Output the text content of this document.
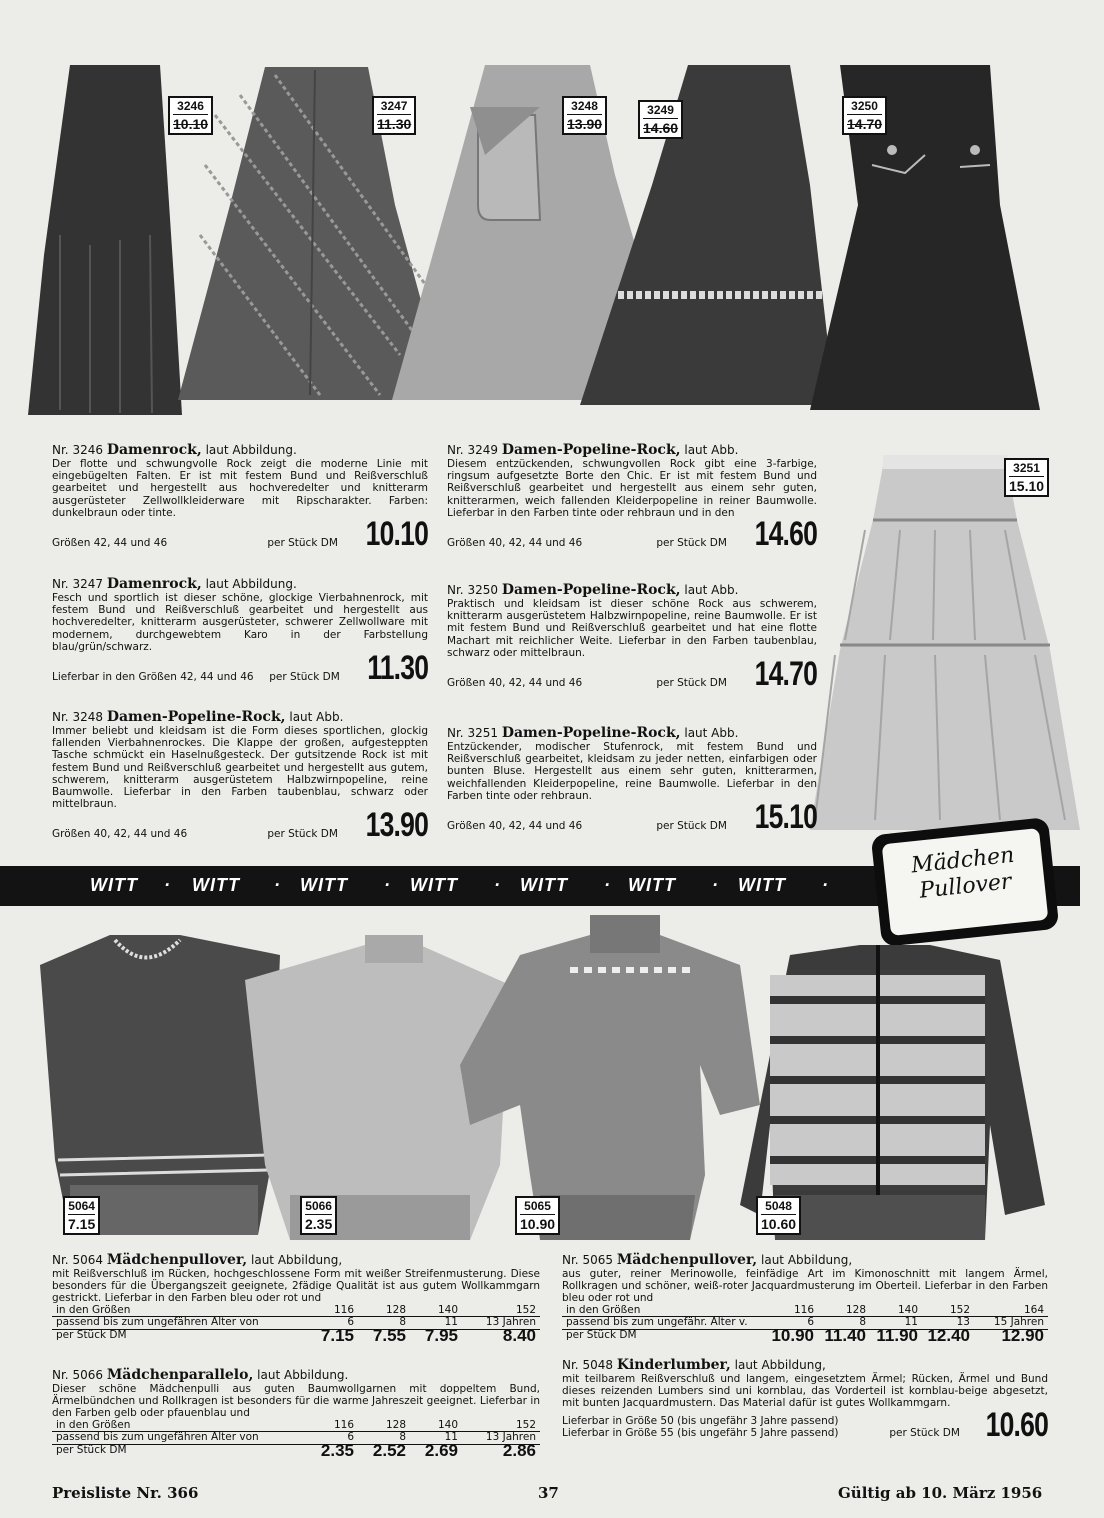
3246
10.10
3247
11.30
3248
13.90
3249
14.60
3250
14.70
3251
15.10
Nr. 3246 Damenrock, laut Abbildung.
Der flotte und schwungvolle Rock zeigt die moderne Linie mit eingebügelten Falten. Er ist mit festem Bund und Reißverschluß gearbeitet und hergestellt aus hochveredelter und knitterarm ausgerüsteter Zellwollkleiderware mit Ripscharakter. Farben: dunkelbraun oder tinte.
Größen 42, 44 und 46	per Stück DM 10.10
Nr. 3247 Damenrock, laut Abbildung.
Fesch und sportlich ist dieser schöne, glockige Vierbahnenrock, mit festem Bund und Reißverschluß gearbeitet und hergestellt aus hochveredelter, knitterarm ausgerüsteter, schwerer Zellwollware mit modernem, durchgewebtem Karo in der Farbstellung blau/grün/schwarz.
Lieferbar in den Größen 42, 44 und 46 per Stück DM 11.30
Nr. 3248 Damen-Popeline-Rock, laut Abb.
Immer beliebt und kleidsam ist die Form dieses sportlichen, glockig fallenden Vierbahnenrockes. Die Klappe der großen, aufgesteppten Tasche schmückt ein Haselnußgesteck. Der gutsitzende Rock ist mit festem Bund und Reißverschluß gearbeitet und hergestellt aus gutem, schwerem, knitterarm ausgerüstetem Halbzwirnpopeline, reine Baumwolle. Lieferbar in den Farben taubenblau, schwarz oder mittelbraun.
Größen 40, 42, 44 und 46	per Stück DM 13.90
Nr. 3249 Damen-Popeline-Rock, laut Abb.
Diesem entzückenden, schwungvollen Rock gibt eine 3-farbige, ringsum aufgesetzte Borte den Chic. Er ist mit festem Bund und Reißverschluß gearbeitet und hergestellt aus einem sehr guten, knitterarmen, weich fallenden Kleiderpopeline in reiner Baumwolle. Lieferbar in den Farben tinte oder rehbraun und in den
Größen 40, 42, 44 und 46	per Stück DM 14.60
Nr. 3250 Damen-Popeline-Rock, laut Abb.
Praktisch und kleidsam ist dieser schöne Rock aus schwerem, knitterarm ausgerüstetem Halbzwirnpopeline, reine Baumwolle. Er ist mit festem Bund und Reißverschluß gearbeitet und hat eine flotte Machart mit reichlicher Weite. Lieferbar in den Farben taubenblau, schwarz oder mittelbraun.
Größen 40, 42, 44 und 46	per Stück DM 14.70
Nr. 3251 Damen-Popeline-Rock, laut Abb.
Entzückender, modischer Stufenrock, mit festem Bund und Reißverschluß gearbeitet, kleidsam zu jeder netten, einfarbigen oder bunten Bluse. Hergestellt aus einem sehr guten, knitterarmen, weichfallenden Kleiderpopeline, reine Baumwolle. Lieferbar in den Farben tinte oder rehbraun.
Größen 40, 42, 44 und 46	per Stück DM 15.10
WITT · WITT · WITT · WITT · WITT · WITT · WITT ·
Mädchen
Pullover
5064
7.15
5066
2.35
5065
10.90
5048
10.60
Nr. 5064 Mädchenpullover, laut Abbildung,
mit Reißverschluß im Rücken, hochgeschlossene Form mit weißer Streifenmusterung. Diese besonders für die Übergangszeit geeignete, 2fädige Qualität ist aus gutem Wollkammgarn gestrickt. Lieferbar in den Farben bleu oder rot und
in den Größen	116	128	140	152
passend bis zum ungefähren Alter von	6	8	11	13 Jahren
per Stück DM	7.15	7.55	7.95	8.40
Nr. 5066 Mädchenparallelo, laut Abbildung.
Dieser schöne Mädchenpulli aus guten Baumwollgarnen mit doppeltem Bund, Ärmelbündchen und Rollkragen ist besonders für die warme Jahreszeit geeignet. Lieferbar in den Farben gelb oder pfauenblau und
in den Größen	116	128	140	152
passend bis zum ungefähren Alter von	6	8	11	13 Jahren
per Stück DM	2.35	2.52	2.69	2.86
Nr. 5065 Mädchenpullover, laut Abbildung,
aus guter, reiner Merinowolle, feinfädige Art im Kimonoschnitt mit langem Ärmel, Rollkragen und schöner, weiß-roter Jacquardmusterung im Oberteil. Lieferbar in den Farben bleu oder rot und
in den Größen	116	128	140	152	164
passend bis zum ungefähr. Alter v.	6	8	11	13	15 Jahren
per Stück DM	10.90	11.40	11.90	12.40	12.90
Nr. 5048 Kinderlumber, laut Abbildung,
mit teilbarem Reißverschluß und langem, eingesetztem Ärmel; Rücken, Ärmel und Bund dieses reizenden Lumbers sind uni kornblau, das Vorderteil ist kornblau-beige abgesetzt, mit bunten Jacquardmustern. Das Material dafür ist gutes Wollkammgarn.
Lieferbar in Größe 50 (bis ungefähr 3 Jahre passend)
Lieferbar in Größe 55 (bis ungefähr 5 Jahre passend)	per Stück DM 10.60
Preisliste Nr. 366	37	Gültig ab 10. März 1956
